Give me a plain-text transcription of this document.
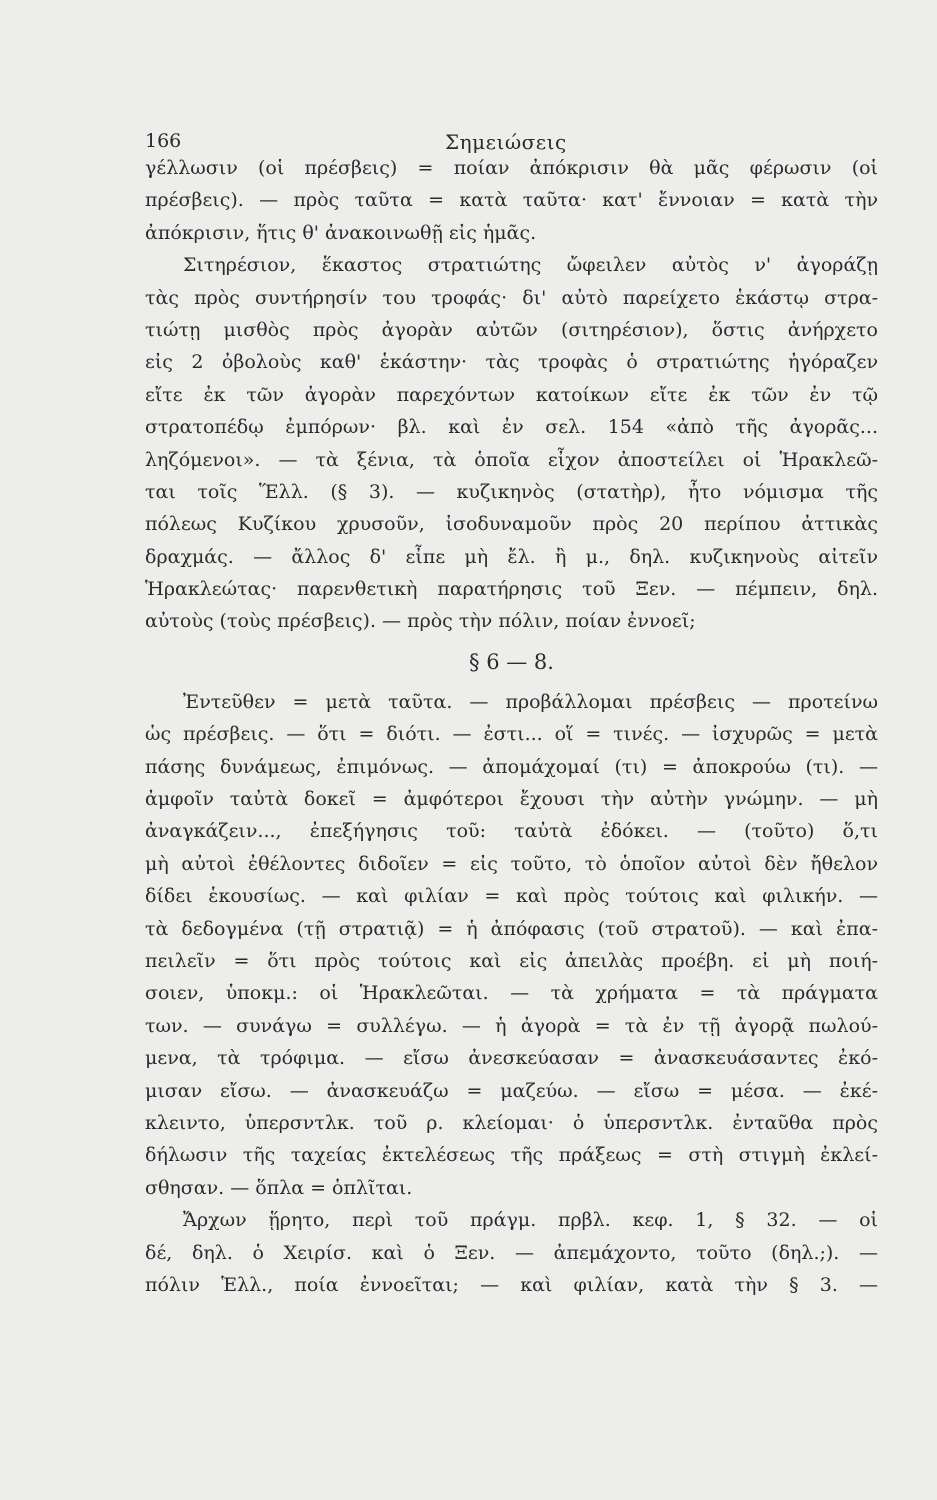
166	Σημειώσεις
γέλλωσιν (οἱ πρέσβεις) = ποίαν ἀπόκρισιν θὰ μᾶς φέρωσιν (οἱ
πρέσβεις). — πρὸς ταῦτα = κατὰ ταῦτα· κατ' ἔννοιαν = κατὰ τὴν
ἀπόκρισιν, ἥτις θ' ἀνακοινωθῇ εἰς ἡμᾶς.
Σιτηρέσιον, ἕκαστος στρατιώτης ὤφειλεν αὐτὸς ν' ἀγοράζῃ
τὰς πρὸς συντήρησίν του τροφάς· δι' αὐτὸ παρείχετο ἑκάστῳ στρα-
τιώτῃ μισθὸς πρὸς ἀγορὰν αὐτῶν (σιτηρέσιον), ὅστις ἀνήρχετο
εἰς 2 ὀβολοὺς καθ' ἑκάστην· τὰς τροφὰς ὁ στρατιώτης ἠγόραζεν
εἴτε ἐκ τῶν ἀγορὰν παρεχόντων κατοίκων εἴτε ἐκ τῶν ἐν τῷ
στρατοπέδῳ ἐμπόρων· βλ. καὶ ἐν σελ. 154 «ἀπὸ τῆς ἀγορᾶς...
ληζόμενοι». — τὰ ξένια, τὰ ὁποῖα εἶχον ἀποστείλει οἱ Ἡρακλεῶ-
ται τοῖς Ἕλλ. (§ 3). — κυζικηνὸς (στατὴρ), ἦτο νόμισμα τῆς
πόλεως Κυζίκου χρυσοῦν, ἰσοδυναμοῦν πρὸς 20 περίπου ἀττικὰς
δραχμάς. — ἄλλος δ' εἶπε μὴ ἔλ. ἢ μ., δηλ. κυζικηνοὺς αἰτεῖν
Ἡρακλεώτας· παρενθετικὴ παρατήρησις τοῦ Ξεν. — πέμπειν, δηλ.
αὐτοὺς (τοὺς πρέσβεις). — πρὸς τὴν πόλιν, ποίαν ἐννοεῖ;
§ 6 — 8.
Ἐντεῦθεν = μετὰ ταῦτα. — προβάλλομαι πρέσβεις — προτείνω
ὡς πρέσβεις. — ὅτι = διότι. — ἐστι... οἵ = τινές. — ἰσχυρῶς = μετὰ
πάσης δυνάμεως, ἐπιμόνως. — ἀπομάχομαί (τι) = ἀποκρούω (τι). —
ἀμφοῖν ταὐτὰ δοκεῖ = ἀμφότεροι ἔχουσι τὴν αὐτὴν γνώμην. — μὴ
ἀναγκάζειν..., ἐπεξήγησις τοῦ: ταὐτὰ ἐδόκει. — (τοῦτο) ὅ,τι
μὴ αὐτοὶ ἐθέλοντες διδοῖεν = εἰς τοῦτο, τὸ ὁποῖον αὐτοὶ δὲν ἤθελον
δίδει ἑκουσίως. — καὶ φιλίαν = καὶ πρὸς τούτοις καὶ φιλικήν. —
τὰ δεδογμένα (τῇ στρατιᾷ) = ἡ ἀπόφασις (τοῦ στρατοῦ). — καὶ ἐπα-
πειλεῖν = ὅτι πρὸς τούτοις καὶ εἰς ἀπειλὰς προέβη. εἰ μὴ ποιή-
σοιεν, ὑποκμ.: οἱ Ἡρακλεῶται. — τὰ χρήματα = τὰ πράγματα
των. — συνάγω = συλλέγω. — ἡ ἀγορὰ = τὰ ἐν τῇ ἀγορᾷ πωλού-
μενα, τὰ τρόφιμα. — εἴσω ἀνεσκεύασαν = ἀνασκευάσαντες ἐκό-
μισαν εἴσω. — ἀνασκευάζω = μαζεύω. — εἴσω = μέσα. — ἐκέ-
κλειντο, ὑπερσντλκ. τοῦ ρ. κλείομαι· ὁ ὑπερσντλκ. ἐνταῦθα πρὸς
δήλωσιν τῆς ταχείας ἐκτελέσεως τῆς πράξεως = στὴ στιγμὴ ἐκλεί-
σθησαν. — ὅπλα = ὁπλῖται.
Ἄρχων ᾕρητο, περὶ τοῦ πράγμ. πρβλ. κεφ. 1, § 32. — οἱ
δέ, δηλ. ὁ Χειρίσ. καὶ ὁ Ξεν. — ἀπεμάχοντο, τοῦτο (δηλ.;). —
πόλιν Ἑλλ., ποία ἐννοεῖται; — καὶ φιλίαν, κατὰ τὴν § 3. —
